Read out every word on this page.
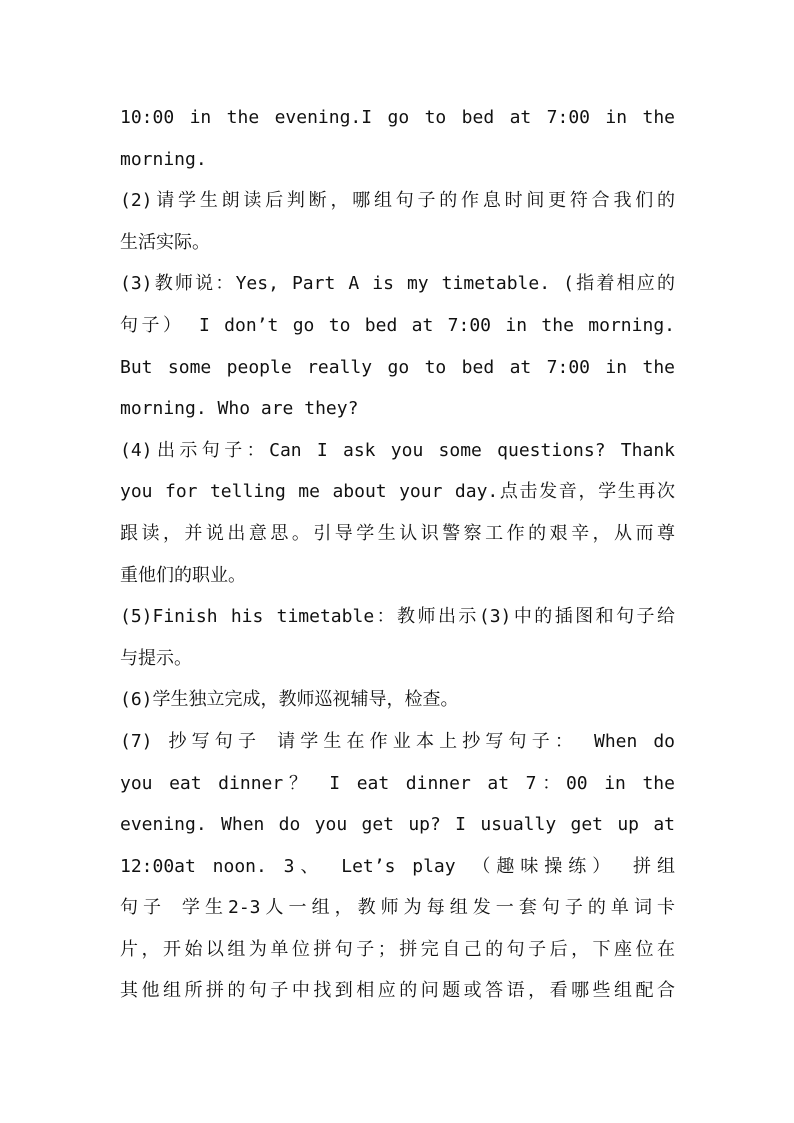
10:00 in the evening.I go to bed at 7:00 in the
morning.
(2)请学生朗读后判断，哪组句子的作息时间更符合我们的
生活实际。
(3)教师说：Yes, Part A is my timetable. (指着相应的
句子） I don’t go to bed at 7:00 in the morning.
But some people really go to bed at 7:00 in the
morning. Who are they?
(4)出示句子：Can I ask you some questions? Thank
you for telling me about your day.点击发音，学生再次
跟读，并说出意思。引导学生认识警察工作的艰辛，从而尊
重他们的职业。
(5)Finish his timetable：教师出示(3)中的插图和句子给
与提示。
(6)学生独立完成，教师巡视辅导，检查。
(7) 抄写句子 请学生在作业本上抄写句子： When do
you eat dinner？ I eat dinner at 7：00 in the
evening. When do you get up? I usually get up at
12:00at noon. 3、 Let’s play （趣味操练） 拼组
句子 学生2-3人一组，教师为每组发一套句子的单词卡
片，开始以组为单位拼句子；拼完自己的句子后，下座位在
其他组所拼的句子中找到相应的问题或答语，看哪些组配合
